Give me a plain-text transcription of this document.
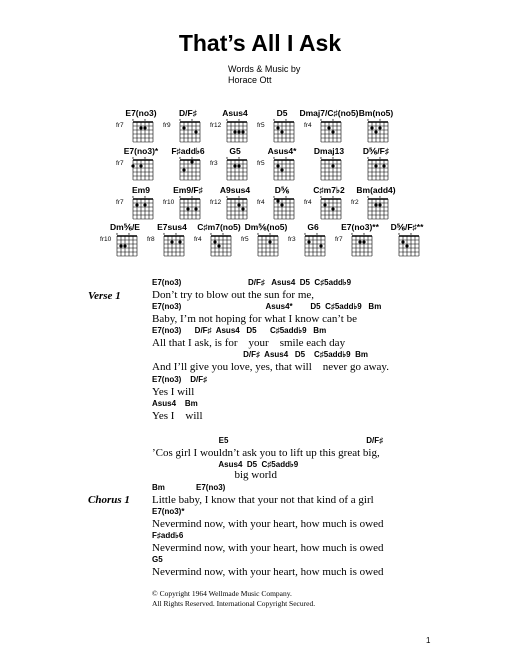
That’s All I Ask
Words & Music by
Horace Ott
E7(no3)
fr7
×	×
D/F♯
fr9
×	×
Asus4
fr12
×	×
D5
fr5
×	×
Dmaj7/C♯(no5)
fr4
×	×
Bm(no5)
×	×
E7(no3)*
fr7
×	×
F♯add♭6
×	×
G5
fr3
×	×
Asus4*
fr5
×	×
Dmaj13
×	×
D⅚/F♯
×	×
Em9
fr7
×	×
Em9/F♯
fr10
×	×
A9sus4
fr12
×	×
D⅚
fr4
×	×
C♯m7♭2
fr4
×	×
Bm(add4)
fr2
×	×
Dm⅚/E
fr10
×	×
E7sus4
fr8
×	×
C♯m7(no5)
fr4
×	×
Dm⅚(no5)
fr5
×	×
G6
fr3
×	×
E7(no3)**
fr7
×	×
D⅚/F♯**
×	×
Verse 1
E7(no3)                              D/F♯   Asus4  D5  C♯5add♭9
Don’t try to blow out the sun for me,
E7(no3)                                      Asus4*        D5  C♯5add♭9   Bm
Baby, I’m not hoping for what I know can’t be
E7(no3)      D/F♯  Asus4   D5      C♯5add♭9   Bm
All that I ask, is for    your    smile each day
D/F♯  Asus4   D5    C♯5add♭9  Bm
And I’ll give you love, yes, that will    never go away.
E7(no3)    D/F♯
Yes I will
Asus4    Bm
Yes I    will
E5                                                              D/F♯
’Cos girl I wouldn’t ask you to lift up this great big,
Asus4  D5  C♯5add♭9
big world
Chorus 1
Bm              E7(no3)
Little baby, I know that your not that kind of a girl
E7(no3)*
Nevermind now, with your heart, how much is owed
F♯add♭6
Nevermind now, with your heart, how much is owed
G5
Nevermind now, with your heart, how much is owed
© Copyright 1964 Wellmade Music Company.
All Rights Reserved. International Copyright Secured.
1
